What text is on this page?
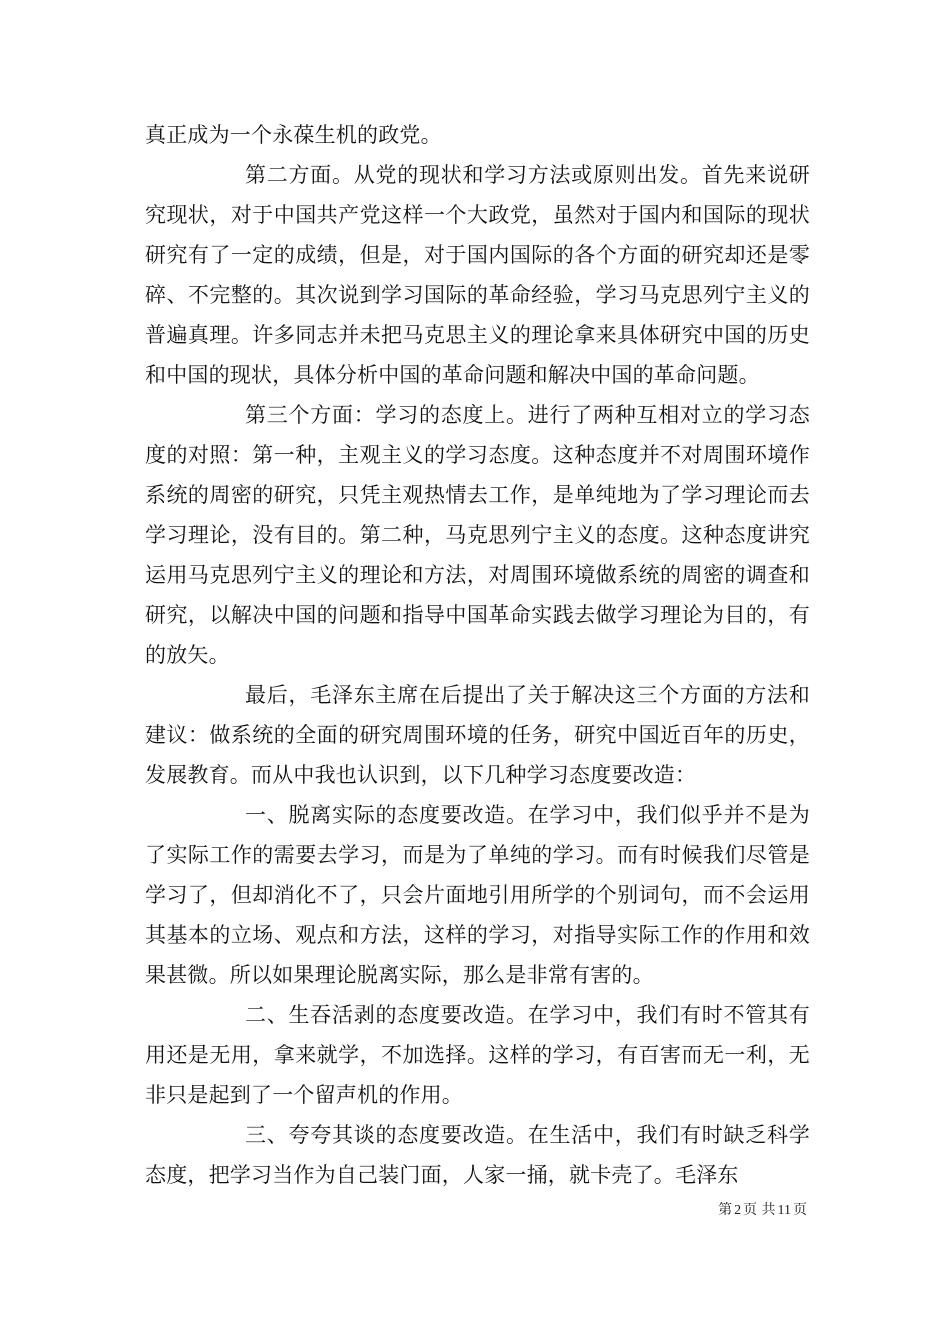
真正成为一个永葆生机的政党。

第二方面。从党的现状和学习方法或原则出发。首先来说研究现状，对于中国共产党这样一个大政党，虽然对于国内和国际的现状研究有了一定的成绩，但是，对于国内国际的各个方面的研究却还是零碎、不完整的。其次说到学习国际的革命经验，学习马克思列宁主义的普遍真理。许多同志并未把马克思主义的理论拿来具体研究中国的历史和中国的现状，具体分析中国的革命问题和解决中国的革命问题。

第三个方面：学习的态度上。进行了两种互相对立的学习态度的对照：第一种，主观主义的学习态度。这种态度并不对周围环境作系统的周密的研究，只凭主观热情去工作，是单纯地为了学习理论而去学习理论，没有目的。第二种，马克思列宁主义的态度。这种态度讲究运用马克思列宁主义的理论和方法，对周围环境做系统的周密的调查和研究，以解决中国的问题和指导中国革命实践去做学习理论为目的，有的放矢。

最后，毛泽东主席在后提出了关于解决这三个方面的方法和建议：做系统的全面的研究周围环境的任务，研究中国近百年的历史，发展教育。而从中我也认识到，以下几种学习态度要改造：

一、脱离实际的态度要改造。在学习中，我们似乎并不是为了实际工作的需要去学习，而是为了单纯的学习。而有时候我们尽管是学习了，但却消化不了，只会片面地引用所学的个别词句，而不会运用其基本的立场、观点和方法，这样的学习，对指导实际工作的作用和效果甚微。所以如果理论脱离实际，那么是非常有害的。

二、生吞活剥的态度要改造。在学习中，我们有时不管其有用还是无用，拿来就学，不加选择。这样的学习，有百害而无一利，无非只是起到了一个留声机的作用。

三、夸夸其谈的态度要改造。在生活中，我们有时缺乏科学态度，把学习当作为自己装门面，人家一捅，就卡壳了。毛泽东

第 2 页 共 11 页
